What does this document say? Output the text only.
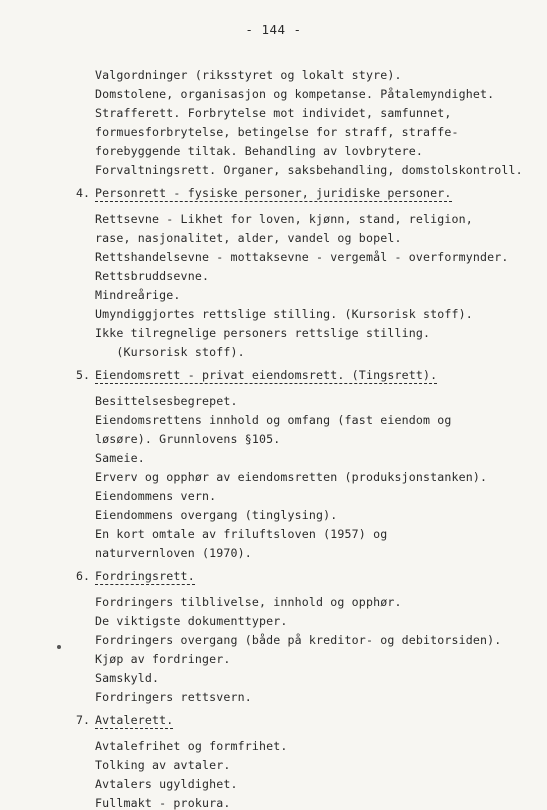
- 144 -
Valgordninger (riksstyret og lokalt styre).
Domstolene, organisasjon og kompetanse. Påtalemyndighet.
Strafferett. Forbrytelse mot individet, samfunnet,
formuesforbrytelse, betingelse for straff, straffe-
forebyggende tiltak. Behandling av lovbrytere.
Forvaltningsrett. Organer, saksbehandling, domstolskontroll.
4. Personrett - fysiske personer, juridiske personer.
Rettsevne - Likhet for loven, kjønn, stand, religion,
rase, nasjonalitet, alder, vandel og bopel.
Rettshandelsevne - mottaksevne - vergemål - overformynder.
Rettsbruddsevne.
Mindreårige.
Umyndiggjortes rettslige stilling. (Kursorisk stoff).
Ikke tilregnelige personers rettslige stilling.
(Kursorisk stoff).
5. Eiendomsrett - privat eiendomsrett. (Tingsrett).
Besittelsesbegrepet.
Eiendomsrettens innhold og omfang (fast eiendom og
løsøre). Grunnlovens §105.
Sameie.
Erverv og opphør av eiendomsretten (produksjonstanken).
Eiendommens vern.
Eiendommens overgang (tinglysing).
En kort omtale av friluftsloven (1957) og
naturvernloven (1970).
6. Fordringsrett.
Fordringers tilblivelse, innhold og opphør.
De viktigste dokumenttyper.
Fordringers overgang (både på kreditor- og debitorsiden).
Kjøp av fordringer.
Samskyld.
Fordringers rettsvern.
7. Avtalerett.
Avtalefrihet og formfrihet.
Tolking av avtaler.
Avtalers ugyldighet.
Fullmakt - prokura.
